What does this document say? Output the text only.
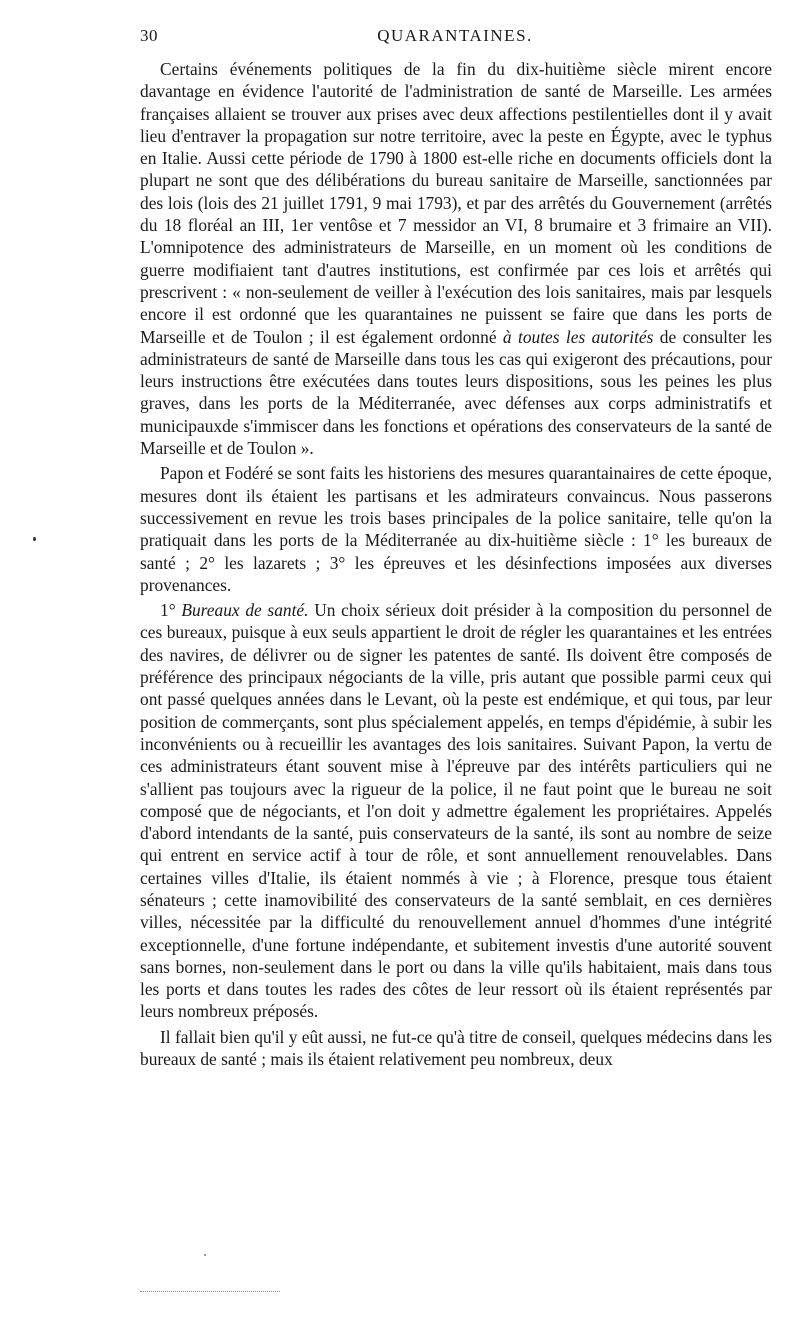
30	QUARANTAINES.

Certains événements politiques de la fin du dix-huitième siècle mirent encore davantage en évidence l'autorité de l'administration de santé de Marseille. Les armées françaises allaient se trouver aux prises avec deux affections pestilentielles dont il y avait lieu d'entraver la propagation sur notre territoire, avec la peste en Égypte, avec le typhus en Italie. Aussi cette période de 1790 à 1800 est-elle riche en documents officiels dont la plupart ne sont que des délibérations du bureau sanitaire de Marseille, sanctionnées par des lois (lois des 21 juillet 1791, 9 mai 1793), et par des arrêtés du Gouvernement (arrêtés du 18 floréal an III, 1er ventôse et 7 messidor an VI, 8 brumaire et 3 frimaire an VII). L'omnipotence des administrateurs de Marseille, en un moment où les conditions de guerre modifiaient tant d'autres institutions, est confirmée par ces lois et arrêtés qui prescrivent : « non-seulement de veiller à l'exécution des lois sanitaires, mais par lesquels encore il est ordonné que les quarantaines ne puissent se faire que dans les ports de Marseille et de Toulon ; il est également ordonné à toutes les autorités de consulter les administrateurs de santé de Marseille dans tous les cas qui exigeront des précautions, pour leurs instructions être exécutées dans toutes leurs dispositions, sous les peines les plus graves, dans les ports de la Méditerranée, avec défenses aux corps administratifs et municipauxde s'immiscer dans les fonctions et opérations des conservateurs de la santé de Marseille et de Toulon ».

Papon et Fodéré se sont faits les historiens des mesures quarantainaires de cette époque, mesures dont ils étaient les partisans et les admirateurs convaincus. Nous passerons successivement en revue les trois bases principales de la police sanitaire, telle qu'on la pratiquait dans les ports de la Méditerranée au dix-huitième siècle : 1° les bureaux de santé ; 2° les lazarets ; 3° les épreuves et les désinfections imposées aux diverses provenances.

1° Bureaux de santé. Un choix sérieux doit présider à la composition du personnel de ces bureaux, puisque à eux seuls appartient le droit de régler les quarantaines et les entrées des navires, de délivrer ou de signer les patentes de santé. Ils doivent être composés de préférence des principaux négociants de la ville, pris autant que possible parmi ceux qui ont passé quelques années dans le Levant, où la peste est endémique, et qui tous, par leur position de commerçants, sont plus spécialement appelés, en temps d'épidémie, à subir les inconvénients ou à recueillir les avantages des lois sanitaires. Suivant Papon, la vertu de ces administrateurs étant souvent mise à l'épreuve par des intérêts particuliers qui ne s'allient pas toujours avec la rigueur de la police, il ne faut point que le bureau ne soit composé que de négociants, et l'on doit y admettre également les propriétaires. Appelés d'abord intendants de la santé, puis conservateurs de la santé, ils sont au nombre de seize qui entrent en service actif à tour de rôle, et sont annuellement renouvelables. Dans certaines villes d'Italie, ils étaient nommés à vie ; à Florence, presque tous étaient sénateurs ; cette inamovibilité des conservateurs de la santé semblait, en ces dernières villes, nécessitée par la difficulté du renouvellement annuel d'hommes d'une intégrité exceptionnelle, d'une fortune indépendante, et subitement investis d'une autorité souvent sans bornes, non-seulement dans le port ou dans la ville qu'ils habitaient, mais dans tous les ports et dans toutes les rades des côtes de leur ressort où ils étaient représentés par leurs nombreux préposés.

Il fallait bien qu'il y eût aussi, ne fut-ce qu'à titre de conseil, quelques médecins dans les bureaux de santé ; mais ils étaient relativement peu nombreux, deux
